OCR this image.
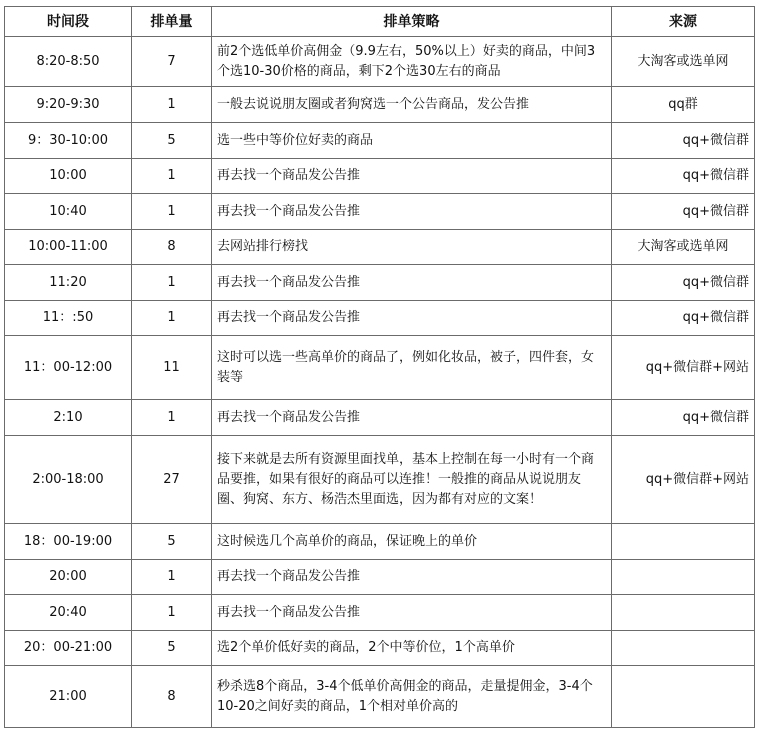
时间段	排单量	排单策略	来源
8:20-8:50	7	前2个选低单价高佣金（9.9左右，50%以上）好卖的商品，中间3个选10-30价格的商品，剩下2个选30左右的商品	大淘客或选单网
9:20-9:30	1	一般去说说朋友圈或者狗窝选一个公告商品，发公告推	qq群
9：30-10:00	5	选一些中等价位好卖的商品	qq+微信群
10:00	1	再去找一个商品发公告推	qq+微信群
10:40	1	再去找一个商品发公告推	qq+微信群
10:00-11:00	8	去网站排行榜找	大淘客或选单网
11:20	1	再去找一个商品发公告推	qq+微信群
11：:50	1	再去找一个商品发公告推	qq+微信群
11：00-12:00	11	这时可以选一些高单价的商品了，例如化妆品，被子，四件套，女装等	qq+微信群+网站
2:10	1	再去找一个商品发公告推	qq+微信群
2:00-18:00	27	接下来就是去所有资源里面找单，基本上控制在每一小时有一个商品要推，如果有很好的商品可以连推！一般推的商品从说说朋友圈、狗窝、东方、杨浩杰里面选，因为都有对应的文案！	qq+微信群+网站
18：00-19:00	5	这时候选几个高单价的商品，保证晚上的单价	
20:00	1	再去找一个商品发公告推	
20:40	1	再去找一个商品发公告推	
20：00-21:00	5	选2个单价低好卖的商品，2个中等价位，1个高单价	
21:00	8	秒杀选8个商品，3-4个低单价高佣金的商品，走量提佣金，3-4个10-20之间好卖的商品，1个相对单价高的	
